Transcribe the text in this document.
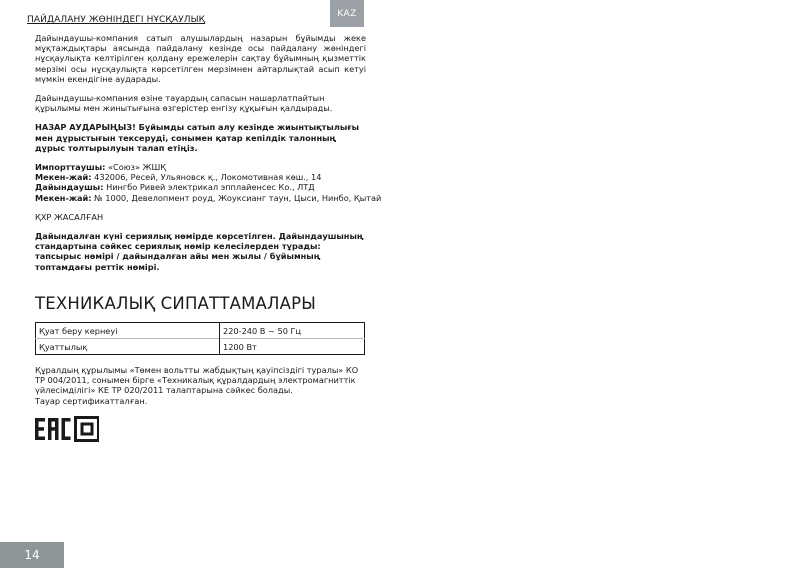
ПАЙДАЛАНУ ЖӨНІНДЕГІ НҰСҚАУЛЫҚ
KAZ

Дайындаушы-компания сатып алушылардың назарын бұйымды жеке мұқтаждықтары аясында пайдалану кезінде осы пайдалану жөніндегі нұсқаулықта келтірілген қолдану ережелерін сақтау бұйымның қызметтік мерзімі осы нұсқаулықта көрсетілген мерзімнен айтарлықтай асып кетуі мүмкін екендігіне аударады.

Дайындаушы-компания өзіне тауардың сапасын нашарлатпайтын құрылымы мен жинытығына өзгерістер енгізу құқығын қалдырады.

НАЗАР АУДАРЫҢЫЗ! Бұйымды сатып алу кезінде жиынтықтылығы мен дұрыстығын тексеруді, сонымен қатар кепілдік талонның дұрыс толтырылуын талап етіңіз.

Импорттаушы: «Союз» ЖШҚ
Мекен-жай: 432006, Ресей, Ульяновск қ., Локомотивная көш., 14
Дайындаушы: Нингбо Ривей электрикал эпплайенсес Ко., ЛТД
Мекен-жай: № 1000, Девелопмент роуд, Жоуксианг таун, Цыси, Нинбо, Қытай

ҚХР ЖАСАЛҒАН

Дайындалған күні сериялық нөмірде көрсетілген. Дайындаушының стандартына сәйкес сериялық нөмір келесілерден тұрады: тапсырыс нөмірі / дайындалған айы мен жылы / бұйымның топтамдағы реттік нөмірі.

ТЕХНИКАЛЫҚ СИПАТТАМАЛАРЫ
Қуат беру кернеуі	220-240 В ~ 50 Гц
Қуаттылық	1200 Вт

Құралдың құрылымы «Төмен вольтты жабдықтың қауіпсіздігі туралы» КО ТР 004/2011, сонымен бірге «Техникалық құралдардың электромагниттік үйлесімділігі» КЕ ТР 020/2011 талаптарына сәйкес болады.

Тауар сертификатталған.

14
